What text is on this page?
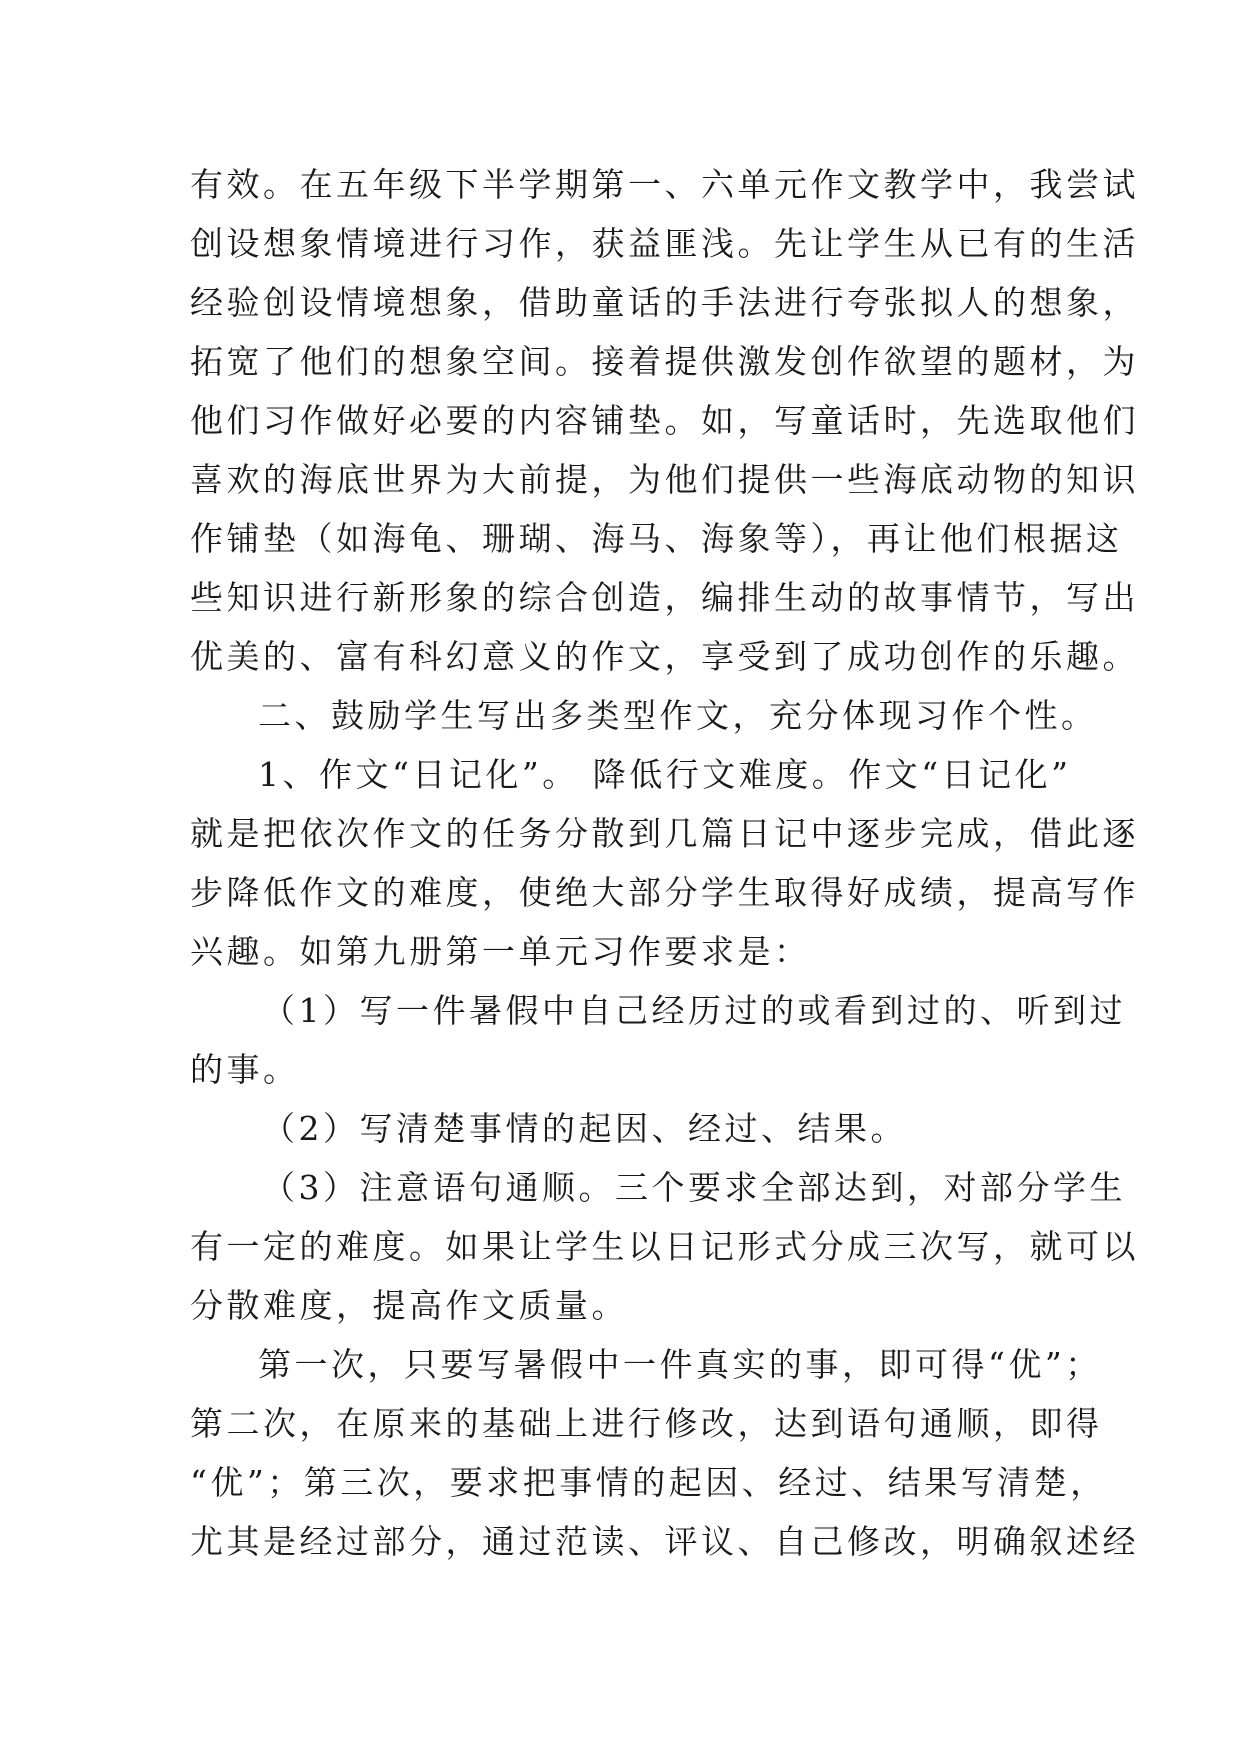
有效。在五年级下半学期第一、六单元作文教学中，我尝试
创设想象情境进行习作，获益匪浅。先让学生从已有的生活
经验创设情境想象，借助童话的手法进行夸张拟人的想象，
拓宽了他们的想象空间。接着提供激发创作欲望的题材，为
他们习作做好必要的内容铺垫。如，写童话时，先选取他们
喜欢的海底世界为大前提，为他们提供一些海底动物的知识
作铺垫（如海龟、珊瑚、海马、海象等），再让他们根据这
些知识进行新形象的综合创造，编排生动的故事情节，写出
优美的、富有科幻意义的作文，享受到了成功创作的乐趣。
二、鼓励学生写出多类型作文，充分体现习作个性。
1、作文“日记化”。 降低行文难度。作文“日记化”
就是把依次作文的任务分散到几篇日记中逐步完成，借此逐
步降低作文的难度，使绝大部分学生取得好成绩，提高写作
兴趣。如第九册第一单元习作要求是：
（1）写一件暑假中自己经历过的或看到过的、听到过
的事。
（2）写清楚事情的起因、经过、结果。
（3）注意语句通顺。三个要求全部达到，对部分学生
有一定的难度。如果让学生以日记形式分成三次写，就可以
分散难度，提高作文质量。
第一次，只要写暑假中一件真实的事，即可得“优”；
第二次，在原来的基础上进行修改，达到语句通顺，即得
“优”；第三次，要求把事情的起因、经过、结果写清楚，
尤其是经过部分，通过范读、评议、自己修改，明确叙述经
